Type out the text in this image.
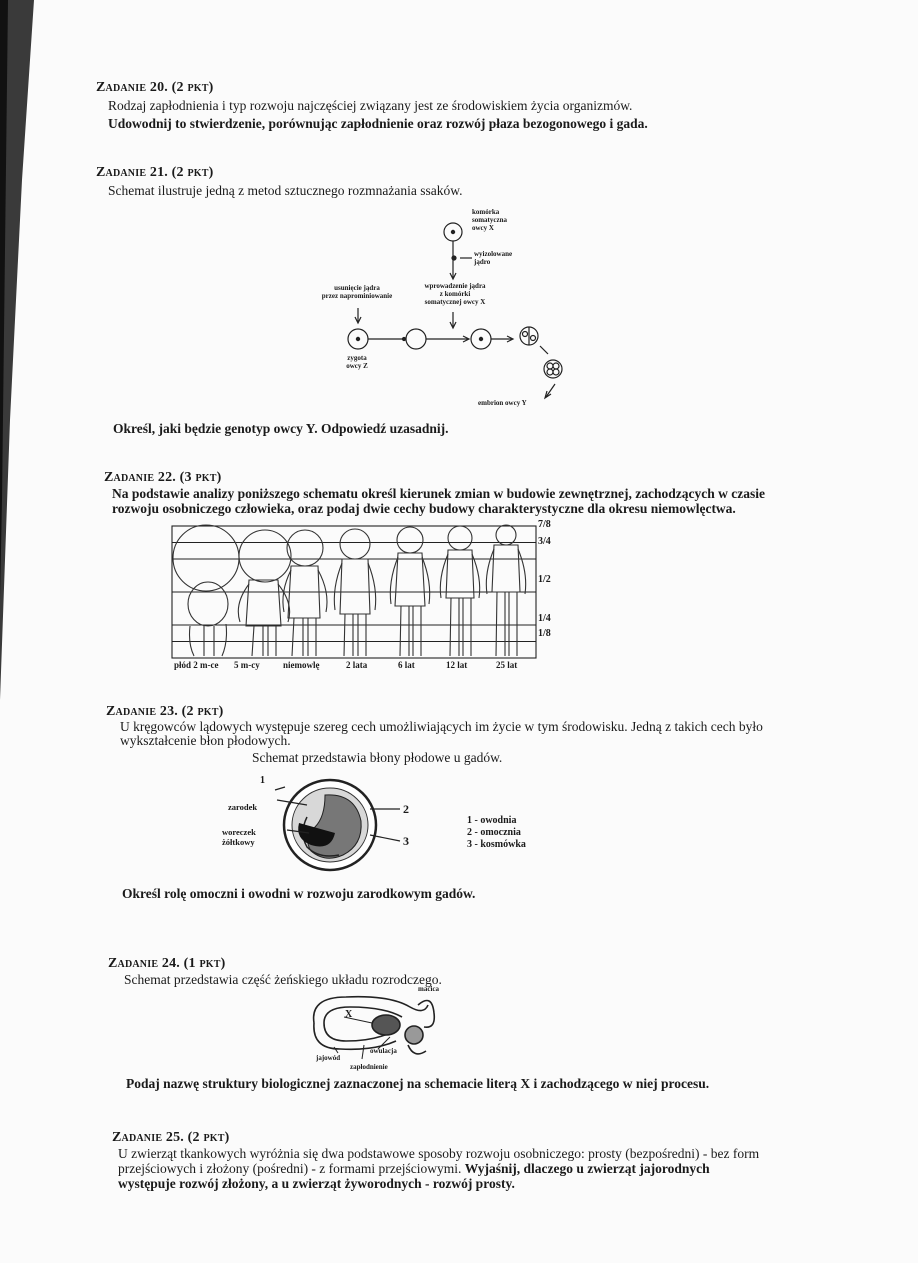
Zadanie 20. (2 pkt)
Rodzaj zapłodnienia i typ rozwoju najczęściej związany jest ze środowiskiem życia organizmów.
Udowodnij to stwierdzenie, porównując zapłodnienie oraz rozwój płaza bezogonowego i gada.
Zadanie 21. (2 pkt)
Schemat ilustruje jedną z metod sztucznego rozmnażania ssaków.
komórka
somatyczna
owcy X
wyizolowane
jądro
usunięcie jądra
przez naprominiowanie
wprowadzenie jądra
z komórki
somatycznej owcy X
zygota
owcy Z
embrion owcy Y
Określ, jaki będzie genotyp owcy Y. Odpowiedź uzasadnij.
Zadanie 22. (3 pkt)
Na podstawie analizy poniższego schematu określ kierunek zmian w budowie zewnętrznej, zachodzących w czasie
rozwoju osobniczego człowieka, oraz podaj dwie cechy budowy charakterystyczne dla okresu niemowlęctwa.
7/8
3/4
1/2
1/4
1/8
płód 2 m-ce 5 m-cy	niemowlę	2 lata	6 lat	12 lat	25 lat
Zadanie 23. (2 pkt)
U kręgowców lądowych występuje szereg cech umożliwiających im życie w tym środowisku. Jedną z takich cech było
wykształcenie błon płodowych.
Schemat przedstawia błony płodowe u gadów.
1
2
3
zarodek
woreczek
żółtkowy
1 - owodnia
2 - omocznia
3 - kosmówka
Określ rolę omoczni i owodni w rozwoju zarodkowym gadów.
Zadanie 24. (1 pkt)
Schemat przedstawia część żeńskiego układu rozrodczego.
macica
X
jajowód
owulacja
zapłodnienie
Podaj nazwę struktury biologicznej zaznaczonej na schemacie literą X i zachodzącego w niej procesu.
Zadanie 25. (2 pkt)
U zwierząt tkankowych wyróżnia się dwa podstawowe sposoby rozwoju osobniczego: prosty (bezpośredni) - bez form
przejściowych i złożony (pośredni) - z formami przejściowymi. Wyjaśnij, dlaczego u zwierząt jajorodnych
występuje rozwój złożony, a u zwierząt żyworodnych - rozwój prosty.
